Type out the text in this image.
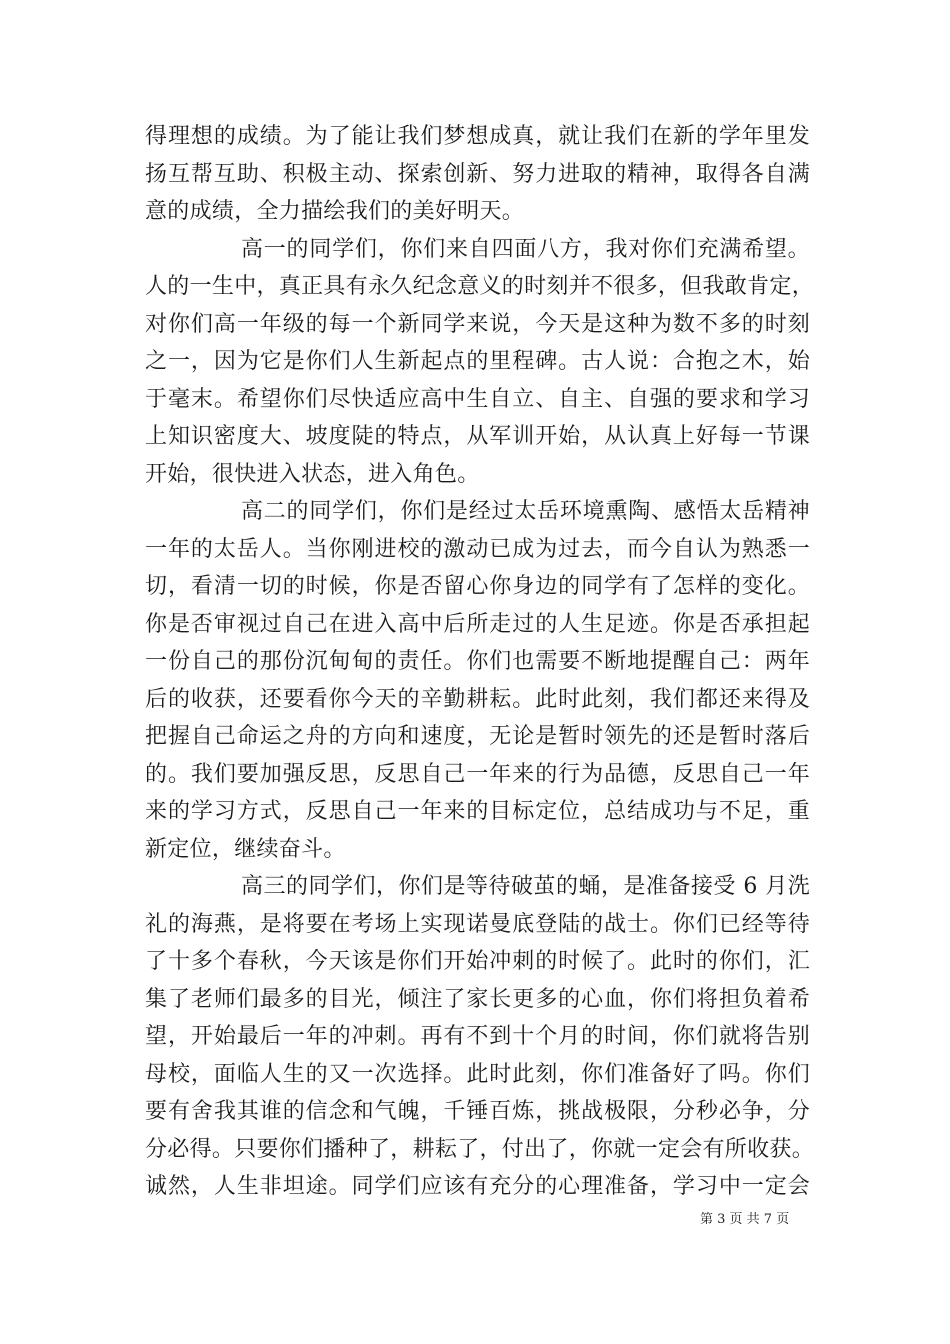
得理想的成绩。为了能让我们梦想成真，就让我们在新的学年里发
扬互帮互助、积极主动、探索创新、努力进取的精神，取得各自满
意的成绩，全力描绘我们的美好明天。
高一的同学们，你们来自四面八方，我对你们充满希望。
人的一生中，真正具有永久纪念意义的时刻并不很多，但我敢肯定，
对你们高一年级的每一个新同学来说，今天是这种为数不多的时刻
之一，因为它是你们人生新起点的里程碑。古人说：合抱之木，始
于毫末。希望你们尽快适应高中生自立、自主、自强的要求和学习
上知识密度大、坡度陡的特点，从军训开始，从认真上好每一节课
开始，很快进入状态，进入角色。
高二的同学们，你们是经过太岳环境熏陶、感悟太岳精神
一年的太岳人。当你刚进校的激动已成为过去，而今自认为熟悉一
切，看清一切的时候，你是否留心你身边的同学有了怎样的变化。
你是否审视过自己在进入高中后所走过的人生足迹。你是否承担起
一份自己的那份沉甸甸的责任。你们也需要不断地提醒自己：两年
后的收获，还要看你今天的辛勤耕耘。此时此刻，我们都还来得及
把握自己命运之舟的方向和速度，无论是暂时领先的还是暂时落后
的。我们要加强反思，反思自己一年来的行为品德，反思自己一年
来的学习方式，反思自己一年来的目标定位，总结成功与不足，重
新定位，继续奋斗。
高三的同学们，你们是等待破茧的蛹，是准备接受 6 月洗
礼的海燕，是将要在考场上实现诺曼底登陆的战士。你们已经等待
了十多个春秋，今天该是你们开始冲刺的时候了。此时的你们，汇
集了老师们最多的目光，倾注了家长更多的心血，你们将担负着希
望，开始最后一年的冲刺。再有不到十个月的时间，你们就将告别
母校，面临人生的又一次选择。此时此刻，你们准备好了吗。你们
要有舍我其谁的信念和气魄，千锤百炼，挑战极限，分秒必争，分
分必得。只要你们播种了，耕耘了，付出了，你就一定会有所收获。
诚然，人生非坦途。同学们应该有充分的心理准备，学习中一定会
第 3 页 共 7 页
